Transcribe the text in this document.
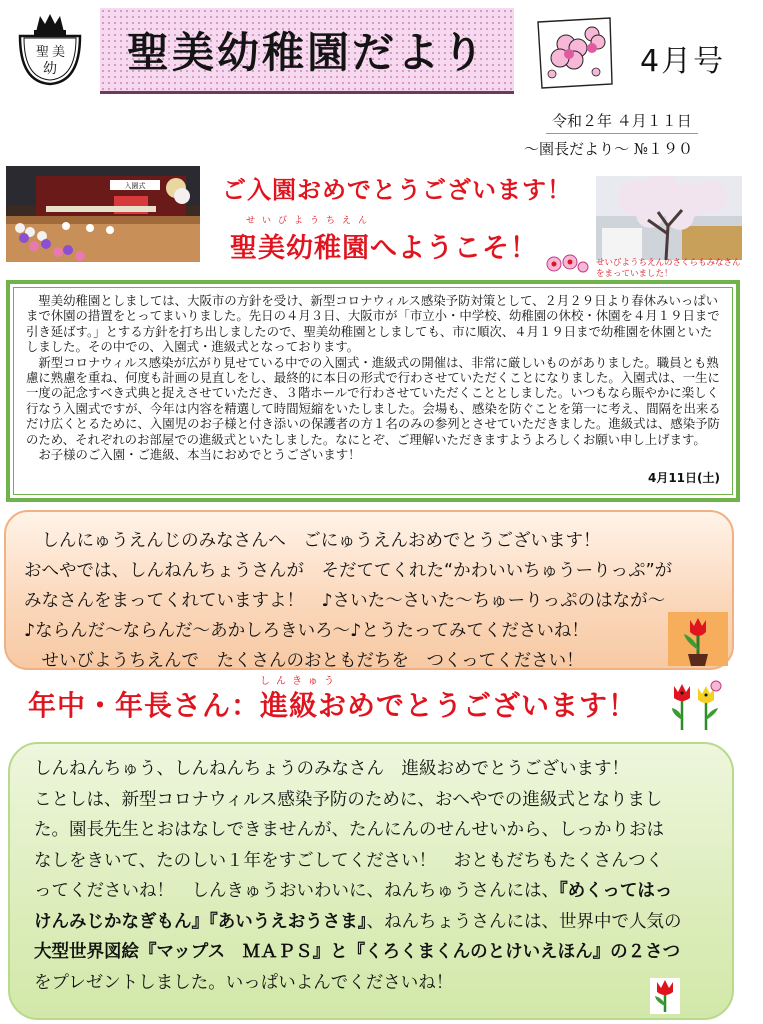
聖 美
幼 聖美幼稚園だより	4月号
令和２年 ４月１１日
～園長だより～ №１９０
入園式	ご入園おめでとうございます！
せいびようちえん
聖美幼稚園へようこそ！	せいびようちえんのさくらもみなさんをまっていました！

聖美幼稚園としましては、大阪市の方針を受け、新型コロナウィルス感染予防対策として、２月２９日より春休みいっぱいまで休園の措置をとってまいりました。先日の４月３日、大阪市が「市立小・中学校、幼稚園の休校・休園を４月１９日まで引き延ばす。」とする方針を打ち出しましたので、聖美幼稚園としましても、市に順次、４月１９日まで幼稚園を休園といたしました。その中での、入園式・進級式となっております。

新型コロナウィルス感染が広がり見せている中での入園式・進級式の開催は、非常に厳しいものがありました。職員とも熟慮に熟慮を重ね、何度も計画の見直しをし、最終的に本日の形式で行わさせていただくことになりました。入園式は、一生に一度の記念すべき式典と捉えさせていただき、３階ホールで行わさせていただくこととしました。いつもなら賑やかに楽しく行なう入園式ですが、今年は内容を精選して時間短縮をいたしました。会場も、感染を防ぐことを第一に考え、間隔を出来るだけ広くとるために、入園児のお子様と付き添いの保護者の方１名のみの参列とさせていただきました。進級式は、感染予防のため、それぞれのお部屋での進級式といたしました。なにとぞ、ご理解いただきますようよろしくお願い申し上げます。

お子様のご入園・ご進級、本当におめでとうございます！

4月11日(土)
　しんにゅうえんじのみなさんへ　ごにゅうえんおめでとうございます！
おへやでは、しんねんちょうさんが　そだててくれた“かわいいちゅうーりっぷ”が
みなさんをまってくれていますよ！　♪さいた～さいた～ちゅーりっぷのはなが～
♪ならんだ～ならんだ～あかしろきいろ～♪とうたってみてくださいね！
　せいびようちえんで　たくさんのおともだちを　つくってください！
しんきゅう
年中・年長さん：進級おめでとうございます！
しんねんちゅう、しんねんちょうのみなさん　進級おめでとうございます！
ことしは、新型コロナウィルス感染予防のために、おへやでの進級式となりまし
た。園長先生とおはなしできませんが、たんにんのせんせいから、しっかりおは
なしをきいて、たのしい１年をすごしてください！　おともだちもたくさんつく
ってくださいね！　しんきゅうおいわいに、ねんちゅうさんには、『めくってはっ
けんみじかなぎもん』『あいうえおうさま』、ねんちょうさんには、世界中で人気の
大型世界図絵『マップス　ＭＡＰＳ』と『くろくまくんのとけいえほん』の２さつ
をプレゼントしました。いっぱいよんでくださいね！
